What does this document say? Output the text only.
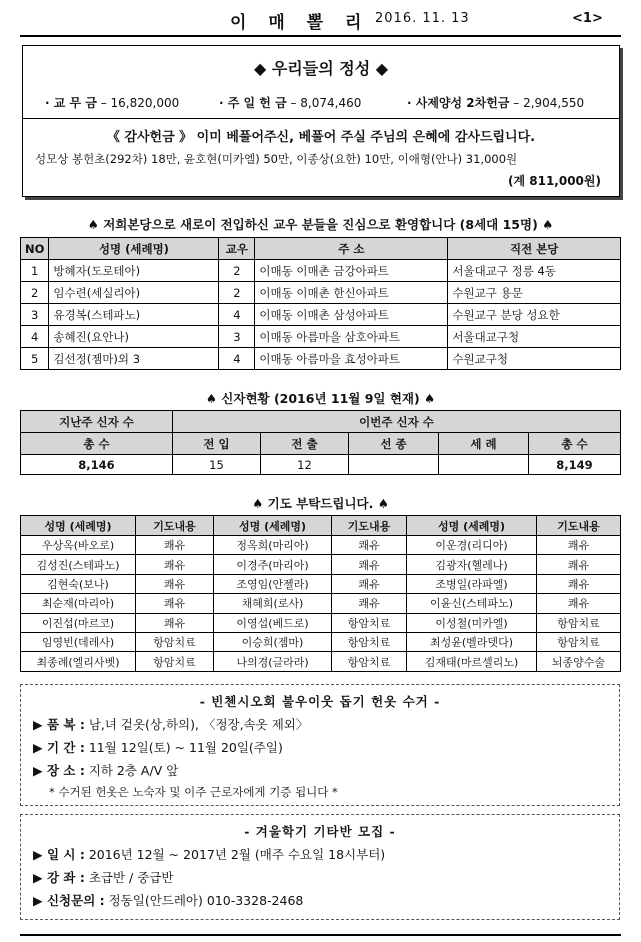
이 매 뽈 리 2016. 11. 13	<1>
◆ 우리들의 정성 ◆
· 교 무 금 – 16,820,000	· 주 일 헌 금 – 8,074,460	· 사제양성 2차헌금 – 2,904,550
《 감사헌금 》 이미 베풀어주신, 베풀어 주실 주님의 은혜에 감사드립니다.
성모상 봉헌초(292차) 18만, 윤호현(미카엘) 50만, 이종상(요한) 10만, 이애형(안나) 31,000원
(계 811,000원)
♠ 저희본당으로 새로이 전입하신 교우 분들을 진심으로 환영합니다 (8세대 15명) ♠
NO	성명 (세례명)	교우	주 소	직전 본당
1	방혜자(도로테아)	2	이매동 이매촌 금강아파트	서울대교구 정릉 4동
2	임수련(세실리아)	2	이매동 이매촌 한신아파트	수원교구 용문
3	유경복(스테파노)	4	이매동 이매촌 삼성아파트	수원교구 분당 성요한
4	송혜진(요안나)	3	이매동 아름마을 삼호아파트	서울대교구청
5	김선정(젬마)외 3	4	이매동 아름마을 효성아파트	수원교구청
♠ 신자현황 (2016년 11월 9일 현재) ♠
지난주 신자 수	이번주 신자 수				
총 수	전 입	전 출	선 종	세 례	총 수
8,146	15	12			8,149
♠ 기도 부탁드립니다. ♠
성명 (세례명)	기도내용	성명 (세례명)	기도내용	성명 (세례명)	기도내용
우상옥(바오로)	쾌유	정옥희(마리아)	쾌유	이운경(리디아)	쾌유
김성진(스테파노)	쾌유	이경주(마리아)	쾌유	김광자(헬레나)	쾌유
김현숙(보나)	쾌유	조영임(안젤라)	쾌유	조병일(라파엘)	쾌유
최순재(마리아)	쾌유	채혜희(로사)	쾌유	이윤신(스테파노)	쾌유
이진섭(마르코)	쾌유	이영섭(베드로)	항암치료	이성철(미카엘)	항암치료
임영빈(데레사)	항암치료	이승희(젬마)	항암치료	최성윤(벨라뎃다)	항암치료
최종례(엘리사벳)	항암치료	나의경(글라라)	항암치료	김재태(마르셀리노)	뇌종양수술
- 빈첸시오회 불우이웃 돕기 헌옷 수거 -
▶ 품 복 : 남,녀 겉옷(상,하의), 〈정장,속옷 제외〉
▶ 기 간 : 11월 12일(토) ~ 11월 20일(주일)
▶ 장 소 : 지하 2층 A/V 앞
* 수거된 헌옷은 노숙자 및 이주 근로자에게 기증 됩니다 *
- 겨울학기 기타반 모집 -
▶ 일 시 : 2016년 12월 ~ 2017년 2월 (매주 수요일 18시부터)
▶ 강 좌 : 초급반 / 중급반
▶ 신청문의 : 정동일(안드레아) 010-3328-2468
